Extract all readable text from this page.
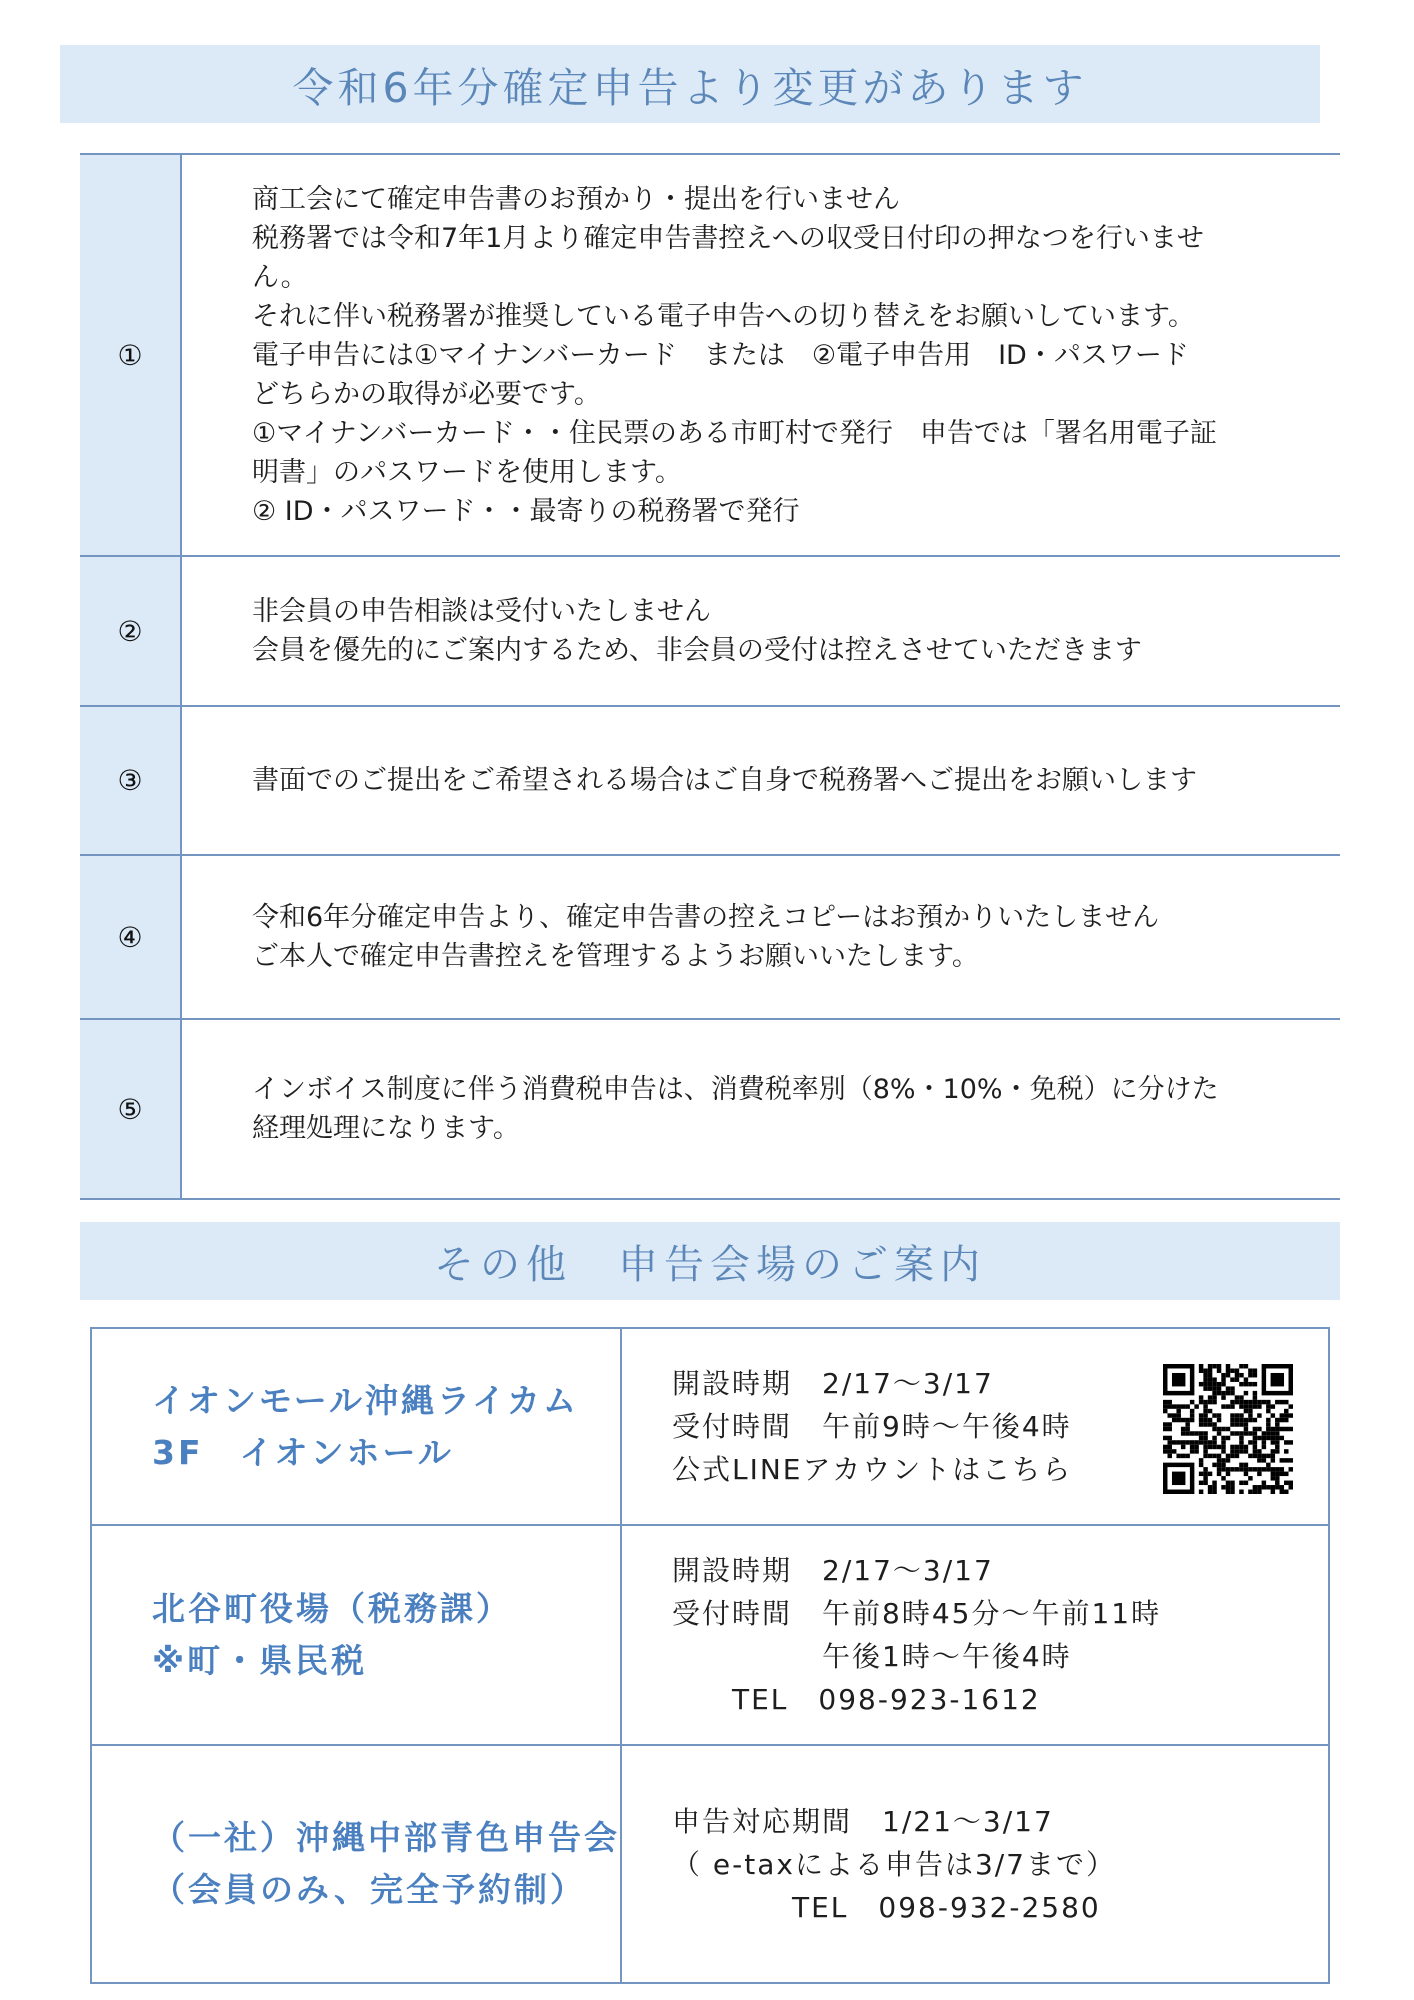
令和6年分確定申告より変更があります
①
商工会にて確定申告書のお預かり・提出を行いません
税務署では令和7年1月より確定申告書控えへの収受日付印の押なつを行いませ
ん。
それに伴い税務署が推奨している電子申告への切り替えをお願いしています。
電子申告には①マイナンバーカード　または　②電子申告用　ID・パスワード
どちらかの取得が必要です。
①マイナンバーカード・・住民票のある市町村で発行　申告では「署名用電子証
明書」のパスワードを使用します。
② ID・パスワード・・最寄りの税務署で発行
②
非会員の申告相談は受付いたしません
会員を優先的にご案内するため、非会員の受付は控えさせていただきます
③	書面でのご提出をご希望される場合はご自身で税務署へご提出をお願いします
④
令和6年分確定申告より、確定申告書の控えコピーはお預かりいたしません
ご本人で確定申告書控えを管理するようお願いいたします。
⑤
インボイス制度に伴う消費税申告は、消費税率別（8%・10%・免税）に分けた
経理処理になります。
その他　申告会場のご案内
イオンモール沖縄ライカム
3F　イオンホール
開設時期　2/17～3/17
受付時間　午前9時～午後4時
公式LINEアカウントはこちら
北谷町役場（税務課）
※町・県民税
開設時期　2/17～3/17
受付時間　午前8時45分～午前11時
　　　　　午後1時～午後4時
　　TEL　098-923-1612
（一社）沖縄中部青色申告会
（会員のみ、完全予約制）
申告対応期間　1/21～3/17
（ e-taxによる申告は3/7まで）
　　　　TEL　098-932-2580
